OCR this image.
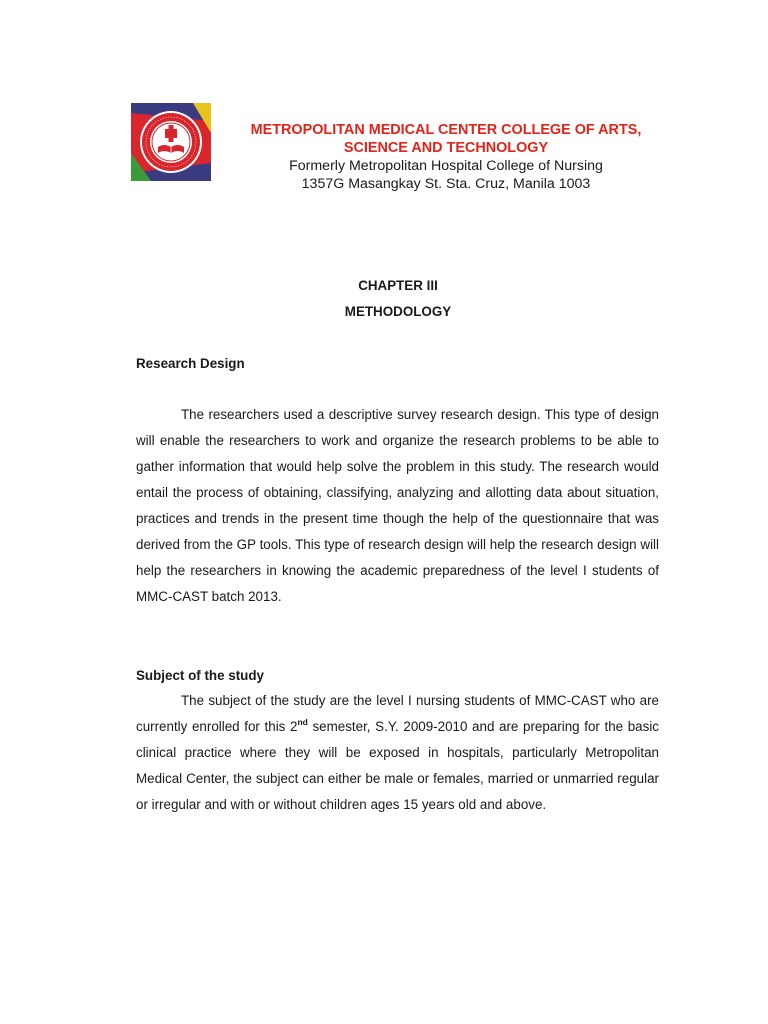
METROPOLITAN MEDICAL CENTER COLLEGE OF ARTS,

SCIENCE AND TECHNOLOGY

Formerly Metropolitan Hospital College of Nursing

1357G Masangkay St. Sta. Cruz, Manila 1003

CHAPTER III

METHODOLOGY

Research Design

The researchers used a descriptive survey research design. This type of design will enable the researchers to work and organize the research problems to be able to gather information that would help solve the problem in this study. The research would entail the process of obtaining, classifying, analyzing and allotting data about situation, practices and trends in the present time though the help of the questionnaire that was derived from the GP tools. This type of research design will help the research design will help the researchers in knowing the academic preparedness of the level I students of MMC-CAST batch 2013.

Subject of the study

The subject of the study are the level I nursing students of MMC-CAST who are currently enrolled for this 2nd semester, S.Y. 2009-2010 and are preparing for the basic clinical practice where they will be exposed in hospitals, particularly Metropolitan Medical Center, the subject can either be male or females, married or unmarried regular or irregular and with or without children ages 15 years old and above.
